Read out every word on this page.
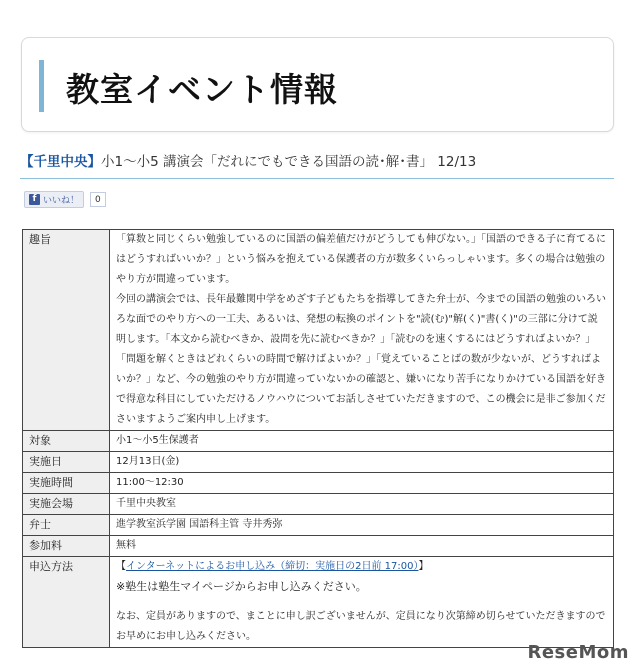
教室イベント情報
【千里中央】小1～小5 講演会「だれにでもできる国語の読･解･書」 12/13
f いいね！	0
趣旨	「算数と同じくらい勉強しているのに国語の偏差値だけがどうしても伸びない。」「国語のできる子に育てるにはどうすればいいか？」という悩みを抱えている保護者の方が数多くいらっしゃいます。多くの場合は勉強のやり方が間違っています。

今回の講演会では、長年最難関中学をめざす子どもたちを指導してきた弁士が、今までの国語の勉強のいろいろな面でのやり方への一工夫、あるいは、発想の転換のポイントを"読(む)"解(く)"書(く)"の三部に分けて説明します。「本文から読むべきか、設問を先に読むべきか？」「読むのを速くするにはどうすればよいか？」「問題を解くときはどれくらいの時間で解けばよいか？」「覚えていることばの数が少ないが、どうすればよいか？」など、今の勉強のやり方が間違っていないかの確認と、嫌いになり苦手になりかけている国語を好きで得意な科目にしていただけるノウハウについてお話しさせていただきますので、この機会に是非ご参加くださいますようご案内申し上げます。

対象	小1～小5生保護者
実施日	12月13日(金)
実施時間	11:00～12:30
実施会場	千里中央教室
弁士	進学教室浜学園 国語科主管 寺井秀弥
参加料	無料
申込方法	【インターネットによるお申し込み（締切：実施日の2日前 17:00）】
※塾生は塾生マイページからお申し込みください。
なお、定員がありますので、まことに申し訳ございませんが、定員になり次第締め切らせていただきますのでお早めにお申し込みください。
ReseMom
